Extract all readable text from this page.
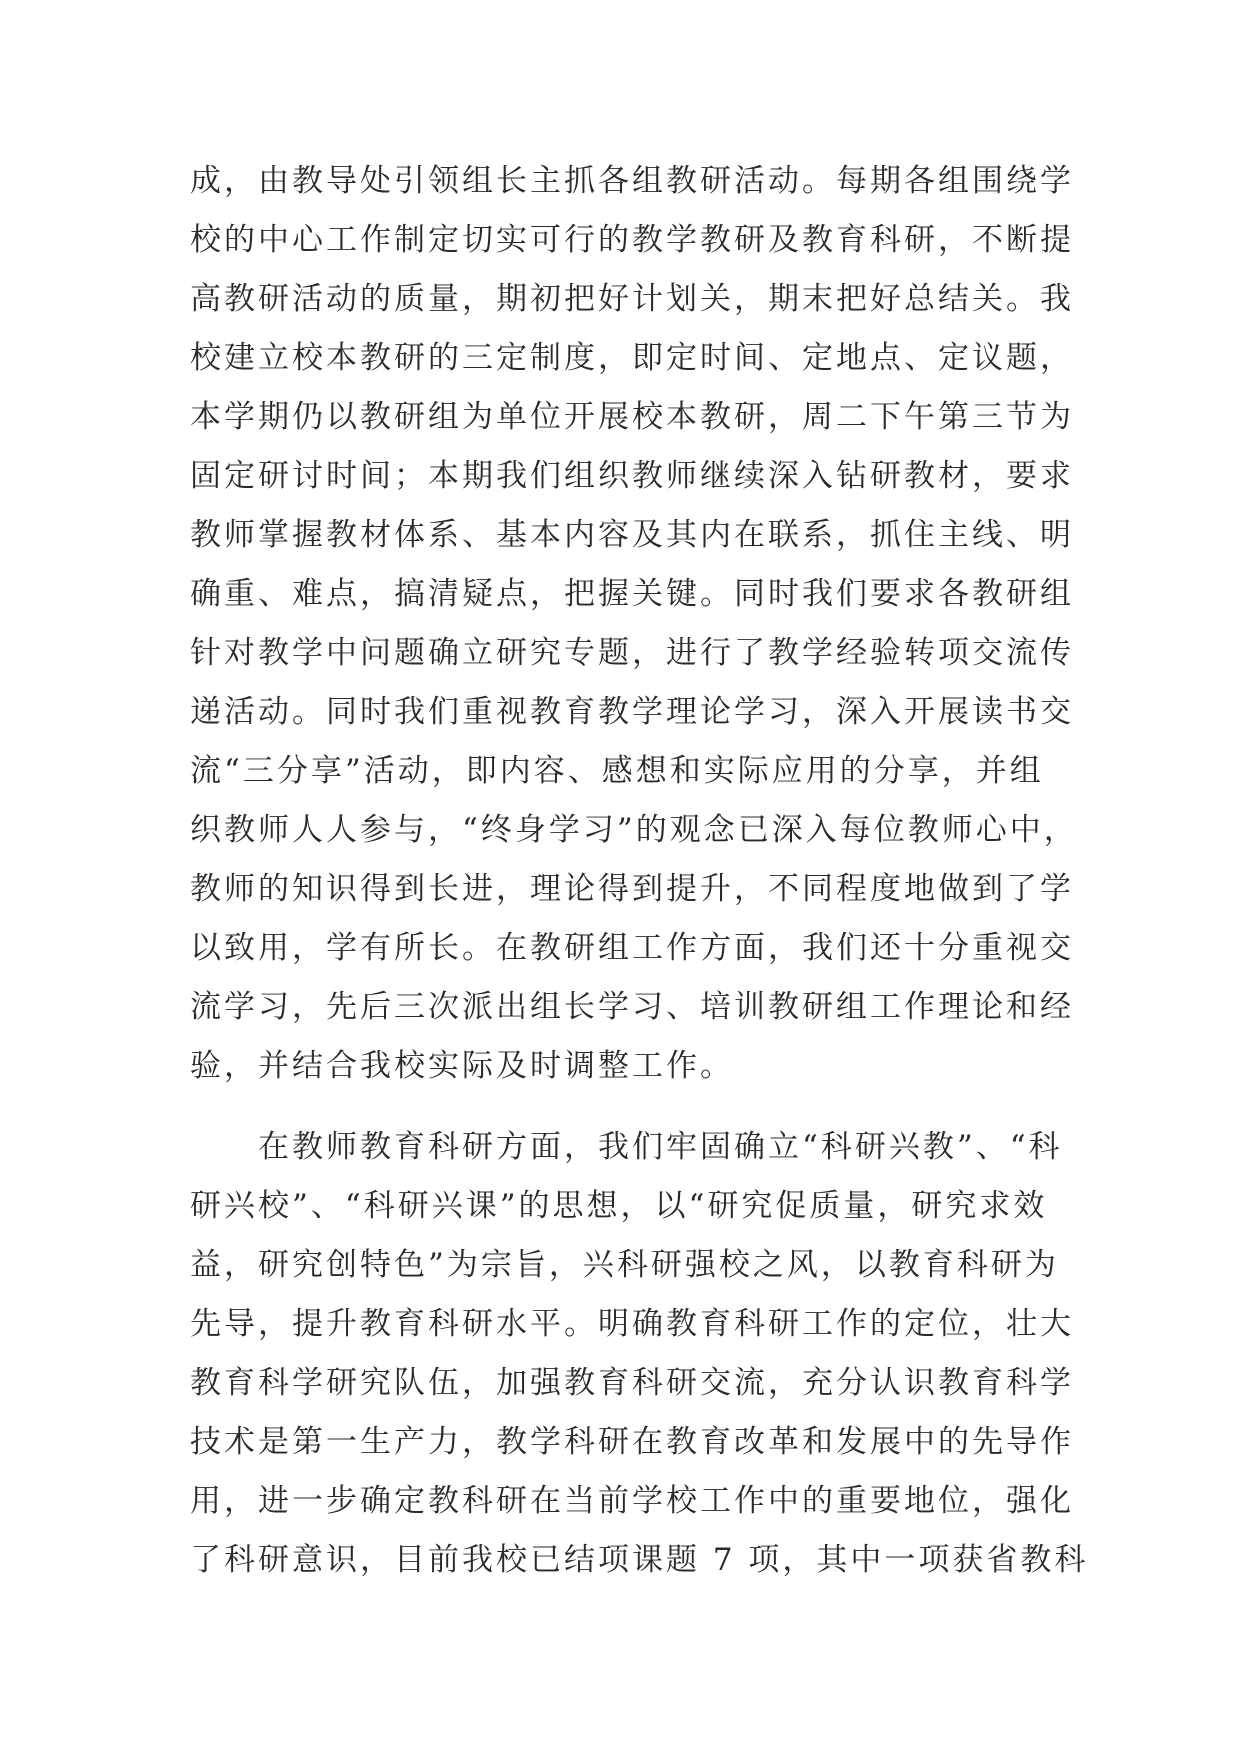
成，由教导处引领组长主抓各组教研活动。每期各组围绕学
校的中心工作制定切实可行的教学教研及教育科研，不断提
高教研活动的质量，期初把好计划关，期末把好总结关。我
校建立校本教研的三定制度，即定时间、定地点、定议题，
本学期仍以教研组为单位开展校本教研，周二下午第三节为
固定研讨时间；本期我们组织教师继续深入钻研教材，要求
教师掌握教材体系、基本内容及其内在联系，抓住主线、明
确重、难点，搞清疑点，把握关键。同时我们要求各教研组
针对教学中问题确立研究专题，进行了教学经验转项交流传
递活动。同时我们重视教育教学理论学习，深入开展读书交
流“三分享”活动，即内容、感想和实际应用的分享，并组
织教师人人参与，“终身学习”的观念已深入每位教师心中，
教师的知识得到长进，理论得到提升，不同程度地做到了学
以致用，学有所长。在教研组工作方面，我们还十分重视交
流学习，先后三次派出组长学习、培训教研组工作理论和经
验，并结合我校实际及时调整工作。
　　在教师教育科研方面，我们牢固确立“科研兴教”、“科
研兴校”、“科研兴课”的思想，以“研究促质量，研究求效
益，研究创特色”为宗旨，兴科研强校之风，以教育科研为
先导，提升教育科研水平。明确教育科研工作的定位，壮大
教育科学研究队伍，加强教育科研交流，充分认识教育科学
技术是第一生产力，教学科研在教育改革和发展中的先导作
用，进一步确定教科研在当前学校工作中的重要地位，强化
了科研意识，目前我校已结项课题 7 项，其中一项获省教科
